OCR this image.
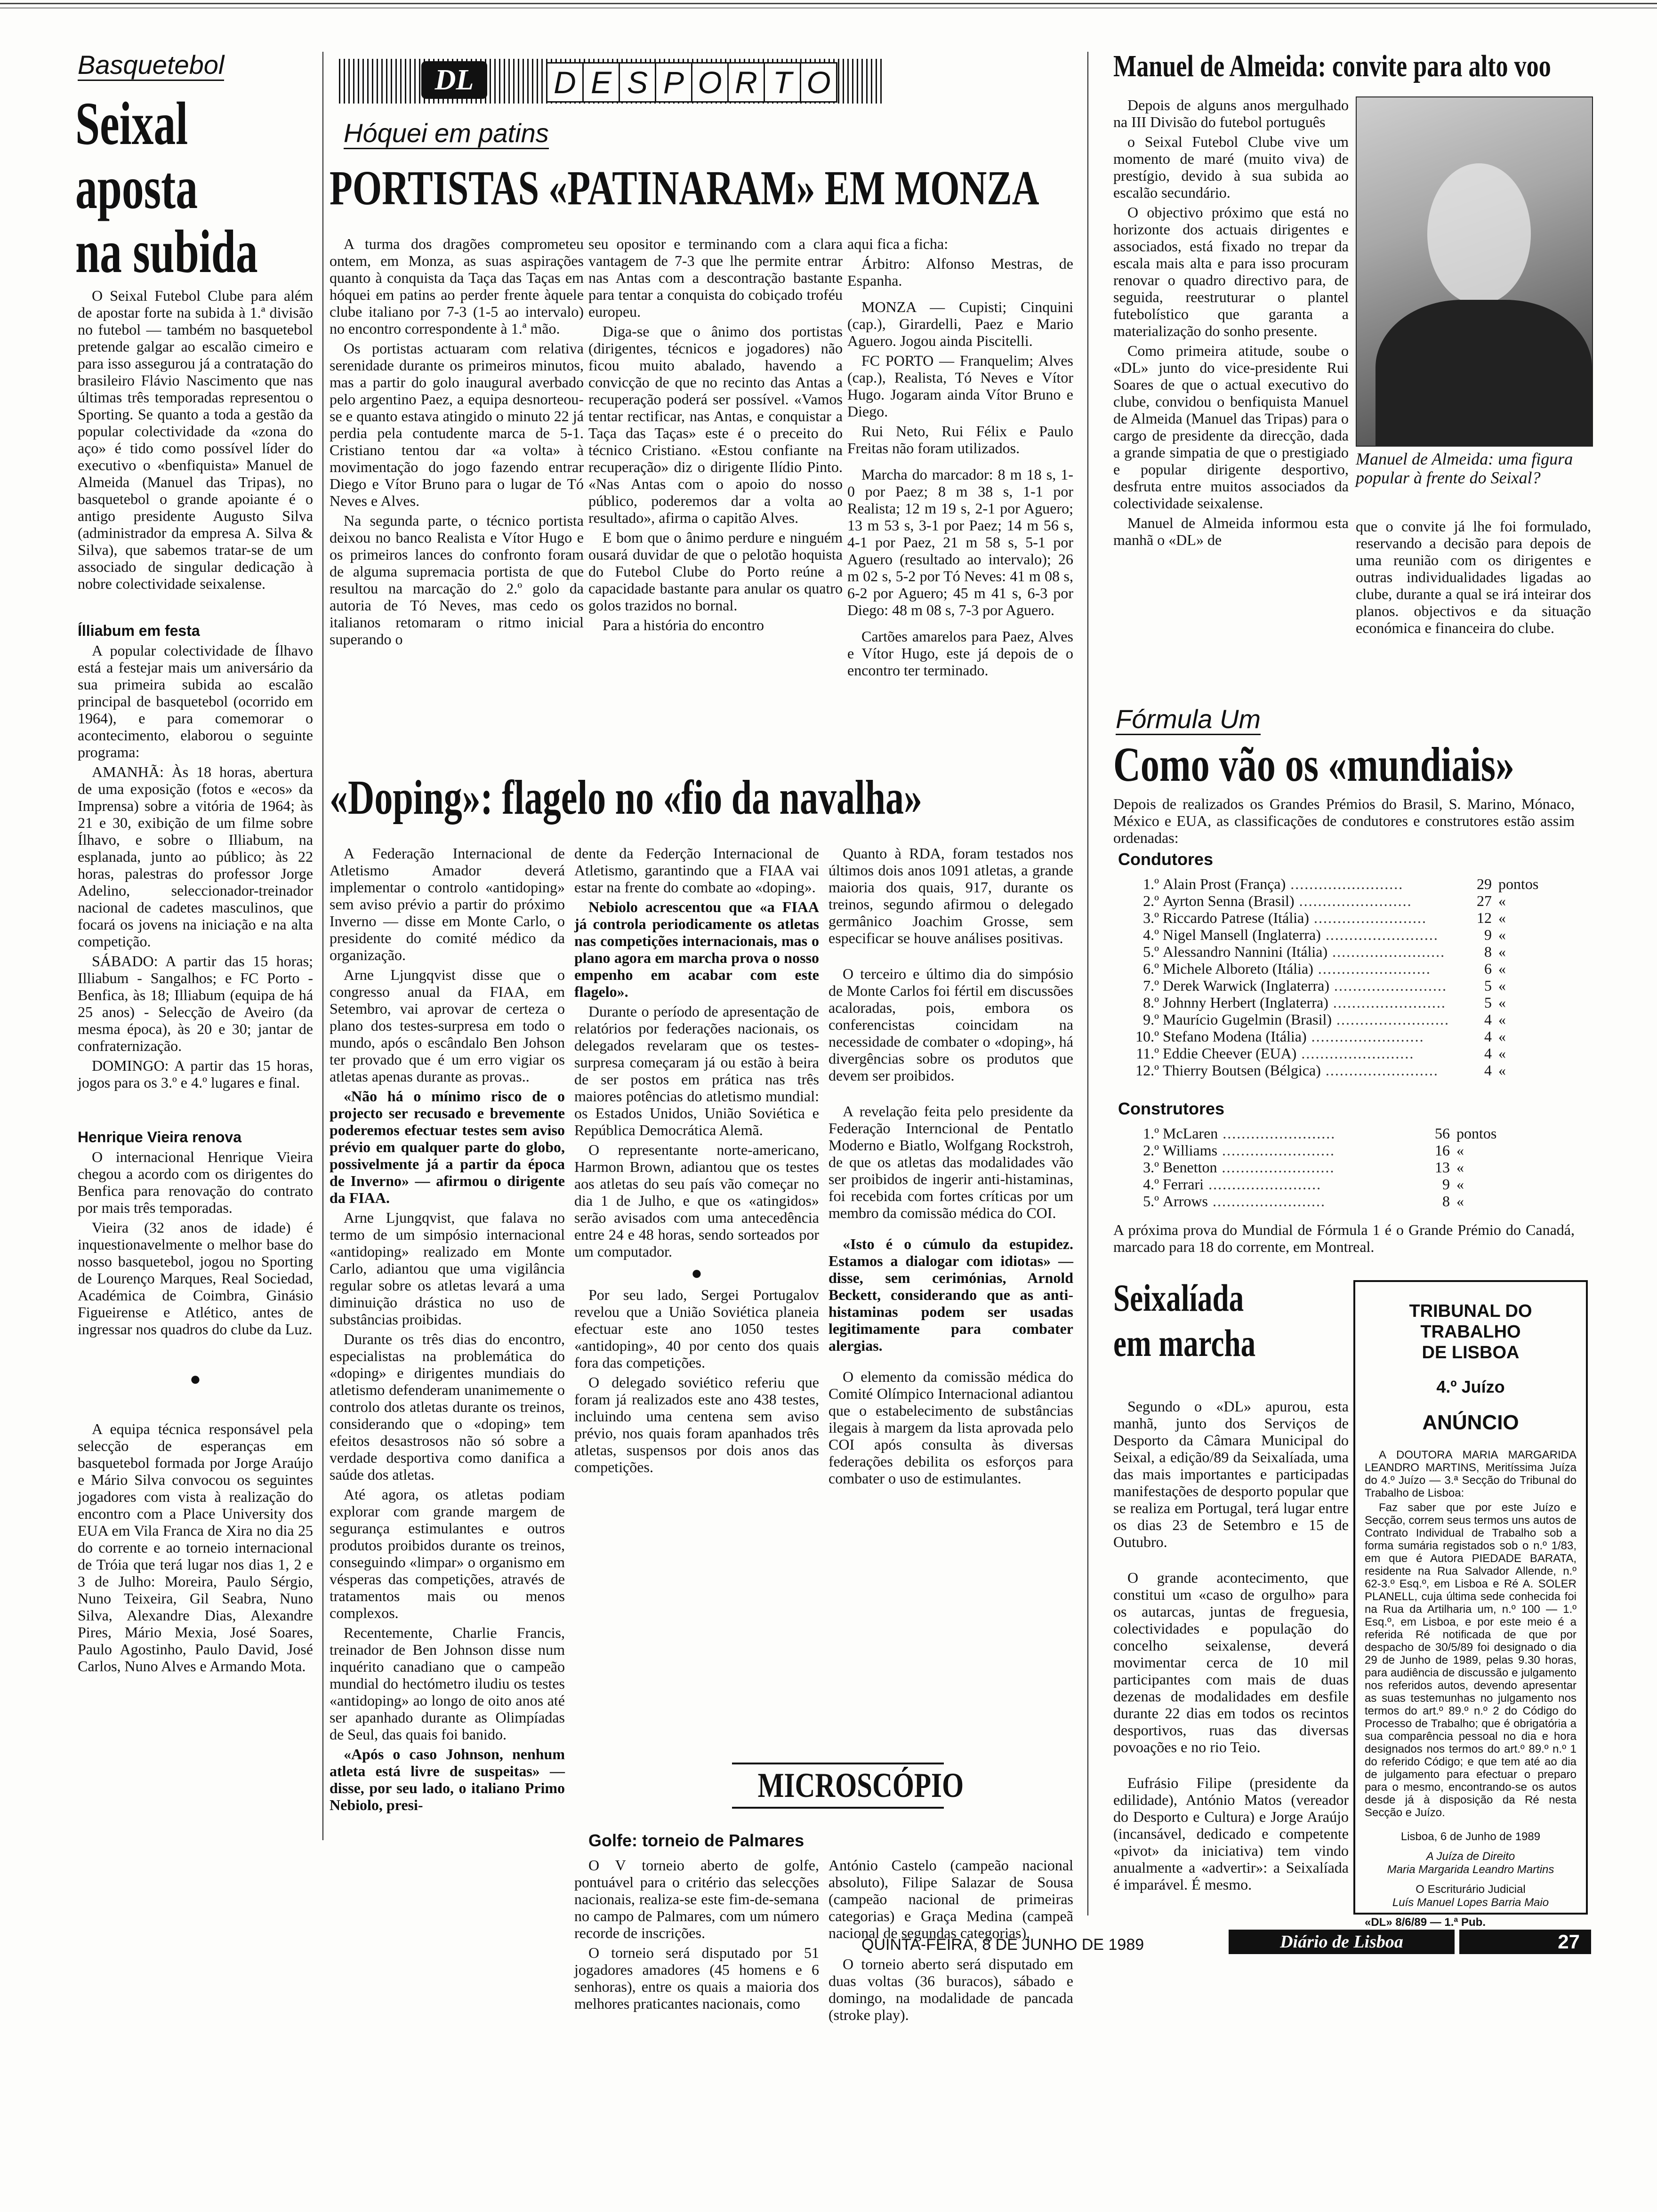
Basquetebol
Seixal
aposta
na subida

O Seixal Futebol Clube para além de apostar forte na subida à 1.ª divisão no futebol — também no basquetebol pretende galgar ao escalão cimeiro e para isso assegurou já a contratação do brasileiro Flávio Nascimento que nas últimas três temporadas representou o Sporting. Se quanto a toda a gestão da popular colectividade da «zona do aço» é tido como possível líder do executivo o «benfiquista» Manuel de Almeida (Manuel das Tripas), no basquetebol o grande apoiante é o antigo presidente Augusto Silva (administrador da empresa A. Silva & Silva), que sabemos tratar-se de um associado de singular dedicação à nobre colectividade seixalense.

Ílliabum em festa

A popular colectividade de Ílhavo está a festejar mais um aniversário da sua primeira subida ao escalão principal de basquetebol (ocorrido em 1964), e para comemorar o acontecimento, elaborou o seguinte programa:

AMANHÃ: Às 18 horas, abertura de uma exposição (fotos e «ecos» da Imprensa) sobre a vitória de 1964; às 21 e 30, exibição de um filme sobre Ílhavo, e sobre o Illiabum, na esplanada, junto ao público; às 22 horas, palestras do professor Jorge Adelino, seleccionador-treinador nacional de cadetes masculinos, que focará os jovens na iniciação e na alta competição.

SÁBADO: A partir das 15 horas; Illiabum - Sangalhos; e FC Porto - Benfica, às 18; Illiabum (equipa de há 25 anos) - Selecção de Aveiro (da mesma época), às 20 e 30; jantar de confraternização.

DOMINGO: A partir das 15 horas, jogos para os 3.º e 4.º lugares e final.

Henrique Vieira renova

O internacional Henrique Vieira chegou a acordo com os dirigentes do Benfica para renovação do contrato por mais três temporadas.

Vieira (32 anos de idade) é inquestionavelmente o melhor base do nosso basquetebol, jogou no Sporting de Lourenço Marques, Real Sociedad, Académica de Coimbra, Ginásio Figueirense e Atlético, antes de ingressar nos quadros do clube da Luz.

●

A equipa técnica responsável pela selecção de esperanças em basquetebol formada por Jorge Araújo e Mário Silva convocou os seguintes jogadores com vista à realização do encontro com a Place University dos EUA em Vila Franca de Xira no dia 25 do corrente e ao torneio internacional de Tróia que terá lugar nos dias 1, 2 e 3 de Julho: Moreira, Paulo Sérgio, Nuno Teixeira, Gil Seabra, Nuno Silva, Alexandre Dias, Alexandre Pires, Mário Mexia, José Soares, Paulo Agostinho, Paulo David, José Carlos, Nuno Alves e Armando Mota.

DL	D E S P O R T O
Hóquei em patins
PORTISTAS «PATINARAM» EM MONZA

A turma dos dragões comprometeu ontem, em Monza, as suas aspirações quanto à conquista da Taça das Taças em hóquei em patins ao perder frente àquele clube italiano por 7-3 (1-5 ao intervalo) no encontro correspondente à 1.ª mão.

Os portistas actuaram com relativa serenidade durante os primeiros minutos, mas a partir do golo inaugural averbado pelo argentino Paez, a equipa desnorteou-se e quanto estava atingido o minuto 22 já perdia pela contudente marca de 5-1. Cristiano tentou dar «a volta» à movimentação do jogo fazendo entrar Diego e Vítor Bruno para o lugar de Tó Neves e Alves.

Na segunda parte, o técnico portista deixou no banco Realista e Vítor Hugo e os primeiros lances do confronto foram de alguma supremacia portista de que resultou na marcação do 2.º golo da autoria de Tó Neves, mas cedo os italianos retomaram o ritmo inicial superando o

seu opositor e terminando com a clara vantagem de 7-3 que lhe permite entrar nas Antas com a descontração bastante para tentar a conquista do cobiçado troféu europeu.

Diga-se que o ânimo dos portistas (dirigentes, técnicos e jogadores) não ficou muito abalado, havendo a convicção de que no recinto das Antas a recuperação poderá ser possível. «Vamos tentar rectificar, nas Antas, e conquistar a Taça das Taças» este é o preceito do técnico Cristiano. «Estou confiante na recuperação» diz o dirigente Ilídio Pinto. «Nas Antas com o apoio do nosso público, poderemos dar a volta ao resultado», afirma o capitão Alves.

E bom que o ânimo perdure e ninguém ousará duvidar de que o pelotão hoquista do Futebol Clube do Porto reúne a capacidade bastante para anular os quatro golos trazidos no bornal.

Para a história do encontro

aqui fica a ficha:

Árbitro: Alfonso Mestras, de Espanha.

MONZA — Cupisti; Cinquini (cap.), Girardelli, Paez e Mario Aguero. Jogou ainda Piscitelli.

FC PORTO — Franquelim; Alves (cap.), Realista, Tó Neves e Vítor Hugo. Jogaram ainda Vítor Bruno e Diego.

Rui Neto, Rui Félix e Paulo Freitas não foram utilizados.

Marcha do marcador: 8 m 18 s, 1-0 por Paez; 8 m 38 s, 1-1 por Realista; 12 m 19 s, 2-1 por Aguero; 13 m 53 s, 3-1 por Paez; 14 m 56 s, 4-1 por Paez, 21 m 58 s, 5-1 por Aguero (resultado ao intervalo); 26 m 02 s, 5-2 por Tó Neves: 41 m 08 s, 6-2 por Aguero; 45 m 41 s, 6-3 por Diego: 48 m 08 s, 7-3 por Aguero.

Cartões amarelos para Paez, Alves e Vítor Hugo, este já depois de o encontro ter terminado.

«Doping»: flagelo no «fio da navalha»

A Federação Internacional de Atletismo Amador deverá implementar o controlo «antidoping» sem aviso prévio a partir do próximo Inverno — disse em Monte Carlo, o presidente do comité médico da organização.

Arne Ljungqvist disse que o congresso anual da FIAA, em Setembro, vai aprovar de certeza o plano dos testes-surpresa em todo o mundo, após o escândalo Ben Johson ter provado que é um erro vigiar os atletas apenas durante as provas..

«Não há o mínimo risco de o projecto ser recusado e brevemente poderemos efectuar testes sem aviso prévio em qualquer parte do globo, possivelmente já a partir da época de Inverno» — afirmou o dirigente da FIAA.

Arne Ljungqvist, que falava no termo de um simpósio internacional «antidoping» realizado em Monte Carlo, adiantou que uma vigilância regular sobre os atletas levará a uma diminuição drástica no uso de substâncias proibidas.

Durante os três dias do encontro, especialistas na problemática do «doping» e dirigentes mundiais do atletismo defenderam unanimemente o controlo dos atletas durante os treinos, considerando que o «doping» tem efeitos desastrosos não só sobre a verdade desportiva como danifica a saúde dos atletas.

Até agora, os atletas podiam explorar com grande margem de segurança estimulantes e outros produtos proibidos durante os treinos, conseguindo «limpar» o organismo em vésperas das competições, através de tratamentos mais ou menos complexos.

Recentemente, Charlie Francis, treinador de Ben Johnson disse num inquérito canadiano que o campeão mundial do hectómetro iludiu os testes «antidoping» ao longo de oito anos até ser apanhado durante as Olimpíadas de Seul, das quais foi banido.

«Após o caso Johnson, nenhum atleta está livre de suspeitas» — disse, por seu lado, o italiano Primo Nebiolo, presi-

dente da Federção Internacional de Atletismo, garantindo que a FIAA vai estar na frente do combate ao «doping».

Nebiolo acrescentou que «a FIAA já controla periodicamente os atletas nas competições internacionais, mas o plano agora em marcha prova o nosso empenho em acabar com este flagelo».

Durante o período de apresentação de relatórios por federações nacionais, os delegados revelaram que os testes-surpresa começaram já ou estão à beira de ser postos em prática nas três maiores potências do atletismo mundial: os Estados Unidos, União Soviética e República Democrática Alemã.

O representante norte-americano, Harmon Brown, adiantou que os testes aos atletas do seu país vão começar no dia 1 de Julho, e que os «atingidos» serão avisados com uma antecedência entre 24 e 48 horas, sendo sorteados por um computador.

●

Por seu lado, Sergei Portugalov revelou que a União Soviética planeia efectuar este ano 1050 testes «antidoping», 40 por cento dos quais fora das competições.

O delegado soviético referiu que foram já realizados este ano 438 testes, incluindo uma centena sem aviso prévio, nos quais foram apanhados três atletas, suspensos por dois anos das competições.

Quanto à RDA, foram testados nos últimos dois anos 1091 atletas, a grande maioria dos quais, 917, durante os treinos, segundo afirmou o delegado germânico Joachim Grosse, sem especificar se houve análises positivas.

O terceiro e último dia do simpósio de Monte Carlos foi fértil em discussões acaloradas, pois, embora os conferencistas coincidam na necessidade de combater o «doping», há divergências sobre os produtos que devem ser proibidos.

A revelação feita pelo presidente da Federação Interncional de Pentatlo Moderno e Biatlo, Wolfgang Rockstroh, de que os atletas das modalidades vão ser proibidos de ingerir anti-histaminas, foi recebida com fortes críticas por um membro da comissão médica do COI.

«Isto é o cúmulo da estupidez. Estamos a dialogar com idiotas» — disse, sem cerimónias, Arnold Beckett, considerando que as anti-histaminas podem ser usadas legitimamente para combater alergias.

O elemento da comissão médica do Comité Olímpico Internacional adiantou que o estabelecimento de substâncias ilegais à margem da lista aprovada pelo COI após consulta às diversas federações debilita os esforços para combater o uso de estimulantes.

MICROSCÓPIO
Golfe: torneio de Palmares

O V torneio aberto de golfe, pontuável para o critério das selecções nacionais, realiza-se este fim-de-semana no campo de Palmares, com um número recorde de inscrições.

O torneio será disputado por 51 jogadores amadores (45 homens e 6 senhoras), entre os quais a maioria dos melhores praticantes nacionais, como

António Castelo (campeão nacional absoluto), Filipe Salazar de Sousa (campeão nacional de primeiras categorias) e Graça Medina (campeã nacional de segundas categorias).

O torneio aberto será disputado em duas voltas (36 buracos), sábado e domingo, na modalidade de pancada (stroke play).

Manuel de Almeida: convite para alto voo

Depois de alguns anos mergulhado na III Divisão do futebol português

o Seixal Futebol Clube vive um momento de maré (muito viva) de prestígio, devido à sua subida ao escalão secundário.

O objectivo próximo que está no horizonte dos actuais dirigentes e associados, está fixado no trepar da escala mais alta e para isso procuram renovar o quadro directivo para, de seguida, reestruturar o plantel futebolístico que garanta a materialização do sonho presente.

Como primeira atitude, soube o «DL» junto do vice-presidente Rui Soares de que o actual executivo do clube, convidou o benfiquista Manuel de Almeida (Manuel das Tripas) para o cargo de presidente da direcção, dada a grande simpatia de que o prestigiado e popular dirigente desportivo, desfruta entre muitos associados da colectividade seixalense.

Manuel de Almeida informou esta manhã o «DL» de

Manuel de Almeida: uma figura popular à frente do Seixal?

que o convite já lhe foi formulado, reservando a decisão para depois de uma reunião com os dirigentes e outras individualidades ligadas ao clube, durante a qual se irá inteirar dos planos. objectivos e da situação económica e financeira do clube.

Fórmula Um
Como vão os «mundiais»
Depois de realizados os Grandes Prémios do Brasil, S. Marino, Mónaco, México e EUA, as classificações de condutores e construtores estão assim ordenadas:
Condutores
1.º	Alain Prost (França) ........................	29	pontos
2.º	Ayrton Senna (Brasil) ........................	27	«
3.º	Riccardo Patrese (Itália) ........................	12	«
4.º	Nigel Mansell (Inglaterra) ........................	9	«
5.º	Alessandro Nannini (Itália) ........................	8	«
6.º	Michele Alboreto (Itália) ........................	6	«
7.º	Derek Warwick (Inglaterra) ........................	5	«
8.º	Johnny Herbert (Inglaterra) ........................	5	«
9.º	Maurício Gugelmin (Brasil) ........................	4	«
10.º	Stefano Modena (Itália) ........................	4	«
11.º	Eddie Cheever (EUA) ........................	4	«
12.º	Thierry Boutsen (Bélgica) ........................	4	«
Construtores
1.º	McLaren ........................	56	pontos
2.º	Williams ........................	16	«
3.º	Benetton ........................	13	«
4.º	Ferrari ........................	9	«
5.º	Arrows ........................	8	«
A próxima prova do Mundial de Fórmula 1 é o Grande Prémio do Canadá, marcado para 18 do corrente, em Montreal.
Seixalíada
em marcha

Segundo o «DL» apurou, esta manhã, junto dos Serviços de Desporto da Câmara Municipal do Seixal, a edição/89 da Seixalíada, uma das mais importantes e participadas manifestações de desporto popular que se realiza em Portugal, terá lugar entre os dias 23 de Setembro e 15 de Outubro.

O grande acontecimento, que constitui um «caso de orgulho» para os autarcas, juntas de freguesia, colectividades e população do concelho seixalense, deverá movimentar cerca de 10 mil participantes com mais de duas dezenas de modalidades em desfile durante 22 dias em todos os recintos desportivos, ruas das diversas povoações e no rio Teio.

Eufrásio Filipe (presidente da edilidade), António Matos (vereador do Desporto e Cultura) e Jorge Araújo (incansável, dedicado e competente «pivot» da iniciativa) tem vindo anualmente a «advertir»: a Seixalíada é imparável. É mesmo.

TRIBUNAL DO
TRABALHO
DE LISBOA
4.º Juízo
ANÚNCIO
A DOUTORA MARIA MARGARIDA LEANDRO MARTINS, Meritíssima Juíza do 4.º Juízo — 3.ª Secção do Tribunal do Trabalho de Lisboa:
Faz saber que por este Juízo e Secção, correm seus termos uns autos de Contrato Individual de Trabalho sob a forma sumária registados sob o n.º 1/83, em que é Autora PIEDADE BARATA, residente na Rua Salvador Allende, n.º 62-3.º Esq.º, em Lisboa e Ré A. SOLER PLANELL, cuja última sede conhecida foi na Rua da Artilharia um, n.º 100 — 1.º Esq.º, em Lisboa, e por este meio é a referida Ré notificada de que por despacho de 30/5/89 foi designado o dia 29 de Junho de 1989, pelas 9.30 horas, para audiência de discussão e julgamento nos referidos autos, devendo apresentar as suas testemunhas no julgamento nos termos do art.º 89.º n.º 2 do Código do Processo de Trabalho; que é obrigatória a sua comparência pessoal no dia e hora designados nos termos do art.º 89.º n.º 1 do referido Código; e que tem até ao dia de julgamento para efectuar o preparo para o mesmo, encontrando-se os autos desde já à disposição da Ré nesta Secção e Juízo.
Lisboa, 6 de Junho de 1989
A Juíza de Direito
Maria Margarida Leandro Martins
O Escriturário Judicial
Luís Manuel Lopes Barria Maio
«DL» 8/6/89 — 1.ª Pub.
QUINTA-FEIRA, 8 DE JUNHO DE 1989	Diário de Lisboa	27
